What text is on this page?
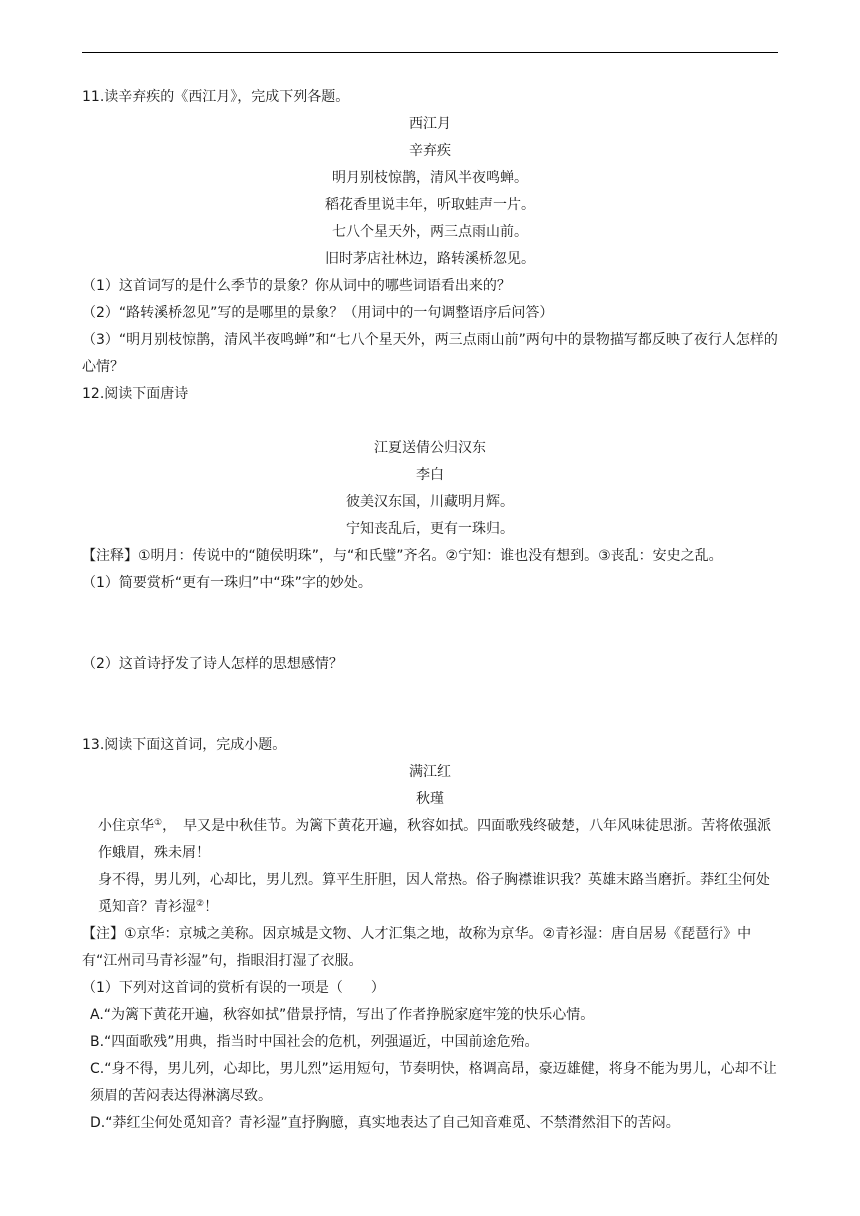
11.读辛弃疾的《西江月》，完成下列各题。
西江月
辛弃疾
明月别枝惊鹊，清风半夜鸣蝉。
稻花香里说丰年，听取蛙声一片。
七八个星天外，两三点雨山前。
旧时茅店社林边，路转溪桥忽见。
（1）这首词写的是什么季节的景象？你从词中的哪些词语看出来的？
（2）“路转溪桥忽见”写的是哪里的景象？（用词中的一句调整语序后问答）
（3）“明月别枝惊鹊，清风半夜鸣蝉”和“七八个星天外，两三点雨山前”两句中的景物描写都反映了夜行人怎样的心情？
12.阅读下面唐诗
江夏送倩公归汉东
李白
彼美汉东国，川藏明月辉。
宁知丧乱后，更有一珠归。
【注释】①明月：传说中的“随侯明珠”，与“和氏璧”齐名。②宁知：谁也没有想到。③丧乱：安史之乱。
（1）简要赏析“更有一珠归”中“珠”字的妙处。
（2）这首诗抒发了诗人怎样的思想感情？
13.阅读下面这首词，完成小题。
满江红
秋瑾
小住京华①，　早又是中秋佳节。为篱下黄花开遍，秋容如拭。四面歌残终破楚，八年风味徒思浙。苦将侬强派作蛾眉，殊未屑！
身不得，男儿列，心却比，男儿烈。算平生肝胆，因人常热。俗子胸襟谁识我？英雄末路当磨折。莽红尘何处觅知音？青衫湿②！
【注】①京华：京城之美称。因京城是文物、人才汇集之地，故称为京华。②青衫湿：唐自居易《琵琶行》中有“江州司马青衫湿”句，指眼泪打湿了衣服。
（1）下列对这首词的赏析有误的一项是（　　）
A.“为篱下黄花开遍，秋容如拭”借景抒情，写出了作者挣脱家庭牢笼的快乐心情。
B.“四面歌残”用典，指当时中国社会的危机，列强逼近，中国前途危殆。
C.“身不得，男儿列，心却比，男儿烈”运用短句，节奏明快，格调高昂，豪迈雄健，将身不能为男儿，心却不让须眉的苦闷表达得淋漓尽致。
D.“莽红尘何处觅知音？青衫湿”直抒胸臆，真实地表达了自己知音难觅、不禁潸然泪下的苦闷。
